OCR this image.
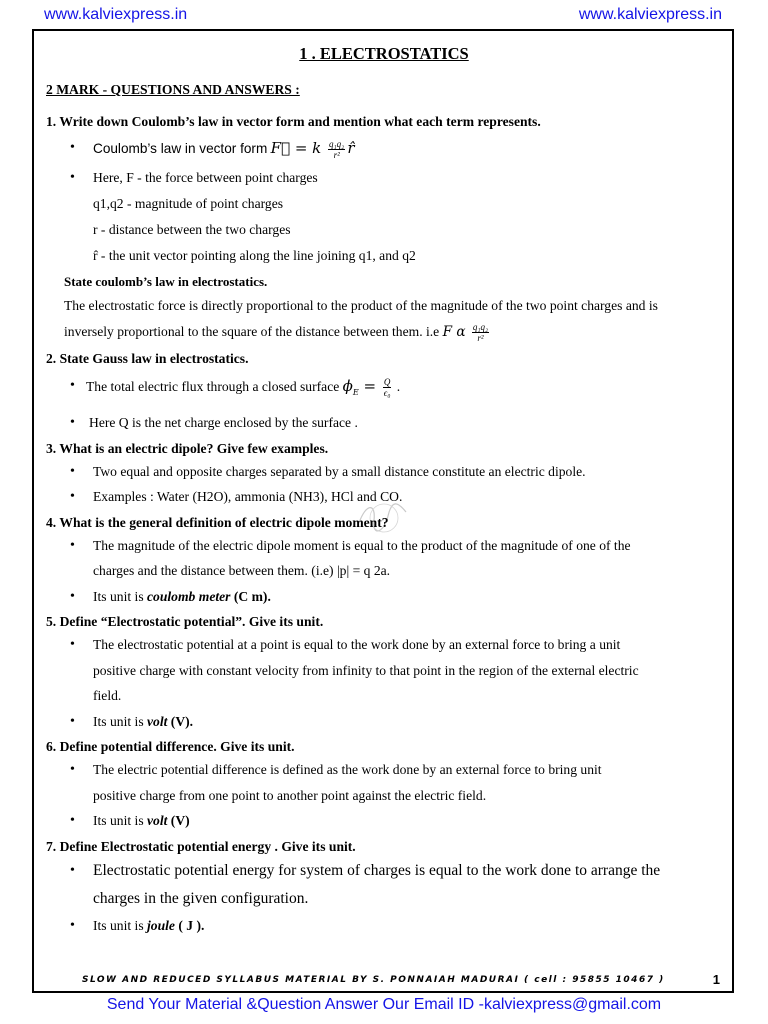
www.kalviexpress.in	www.kalviexpress.in
1 . ELECTROSTATICS
2 MARK - QUESTIONS AND ANSWERS :
1. Write down Coulomb’s law in vector form and mention what each term represents.
• Coulomb’s law in vector form F⃗ = k $\frac{\text{q₁q₂}}{\text{r²}}$ r̂
• Here, F - the force between point charges
q1,q2 - magnitude of point charges
r - distance between the two charges
r̂ - the unit vector pointing along the line joining q1, and q2
State coulomb’s law in electrostatics.
The electrostatic force is directly proportional to the product of the magnitude of the two point charges and is
inversely proportional to the square of the distance between them. i.e F α $\frac{\text{q₁q₂}}{\text{r²}}$
2. State Gauss law in electrostatics.
• The total electric flux through a closed surface $\phi_E = \frac{Q}{\text{ϵ₀}}$ .
• Here Q is the net charge enclosed by the surface .
3. What is an electric dipole? Give few examples.
• Two equal and opposite charges separated by a small distance constitute an electric dipole.
• Examples : Water (H2O), ammonia (NH3), HCl and CO.
4. What is the general definition of electric dipole moment?
• The magnitude of the electric dipole moment is equal to the product of the magnitude of one of the
charges and the distance between them. (i.e) |p| = q 2a.
• Its unit is coulomb meter (C m).
5. Define “Electrostatic potential”. Give its unit.
• The electrostatic potential at a point is equal to the work done by an external force to bring a unit
positive charge with constant velocity from infinity to that point in the region of the external electric
field.
• Its unit is volt (V).
6. Define potential difference. Give its unit.
• The electric potential difference is defined as the work done by an external force to bring unit
positive charge from one point to another point against the electric field.
• Its unit is volt (V)
7. Define Electrostatic potential energy . Give its unit.
• Electrostatic potential energy for system of charges is equal to the work done to arrange the
charges in the given configuration.
• Its unit is joule ( J ).
SLOW AND REDUCED SYLLABUS MATERIAL BY S. PONNAIAH MADURAI ( cell : 95855 10467 )	1
Send Your Material &Question Answer Our Email ID -kalviexpress@gmail.com
